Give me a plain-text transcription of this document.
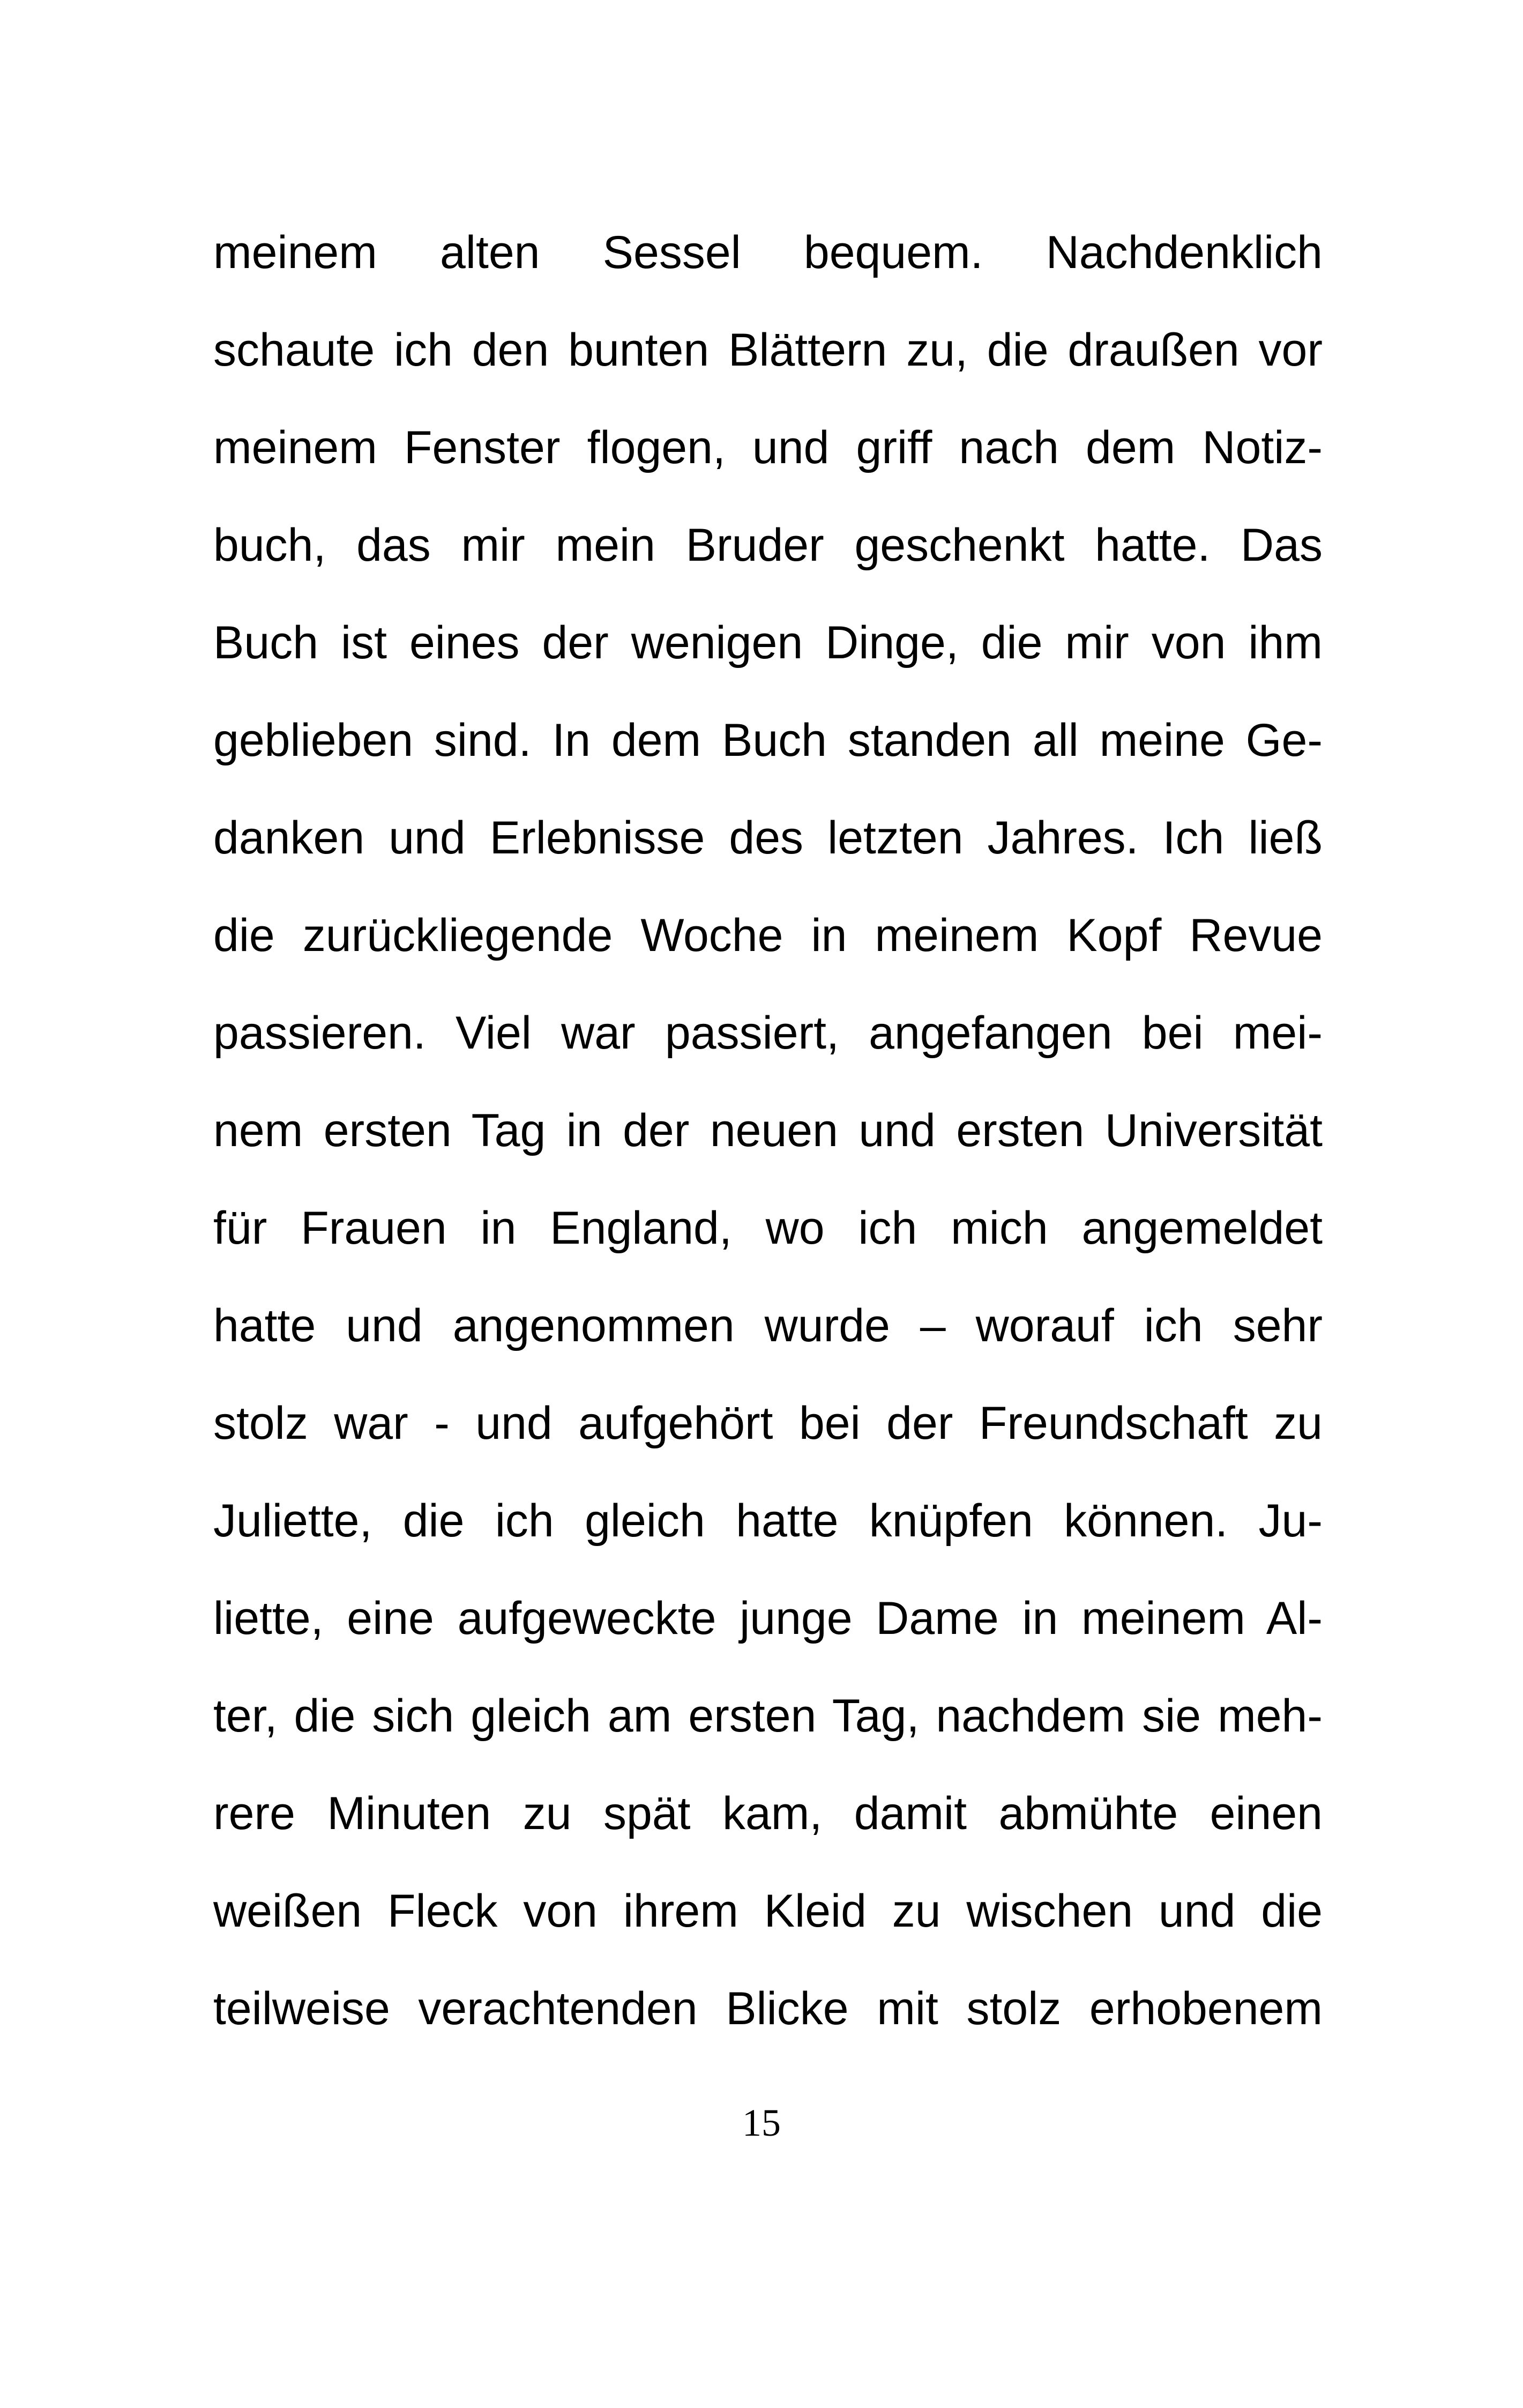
meinem alten Sessel bequem. Nachdenklich
schaute ich den bunten Blättern zu, die draußen vor
meinem Fenster flogen, und griff nach dem Notiz-
buch, das mir mein Bruder geschenkt hatte. Das
Buch ist eines der wenigen Dinge, die mir von ihm
geblieben sind. In dem Buch standen all meine Ge-
danken und Erlebnisse des letzten Jahres. Ich ließ
die zurückliegende Woche in meinem Kopf Revue
passieren. Viel war passiert, angefangen bei mei-
nem ersten Tag in der neuen und ersten Universität
für Frauen in England, wo ich mich angemeldet
hatte und angenommen wurde – worauf ich sehr
stolz war - und aufgehört bei der Freundschaft zu
Juliette, die ich gleich hatte knüpfen können. Ju-
liette, eine aufgeweckte junge Dame in meinem Al-
ter, die sich gleich am ersten Tag, nachdem sie meh-
rere Minuten zu spät kam, damit abmühte einen
weißen Fleck von ihrem Kleid zu wischen und die
teilweise verachtenden Blicke mit stolz erhobenem
15
